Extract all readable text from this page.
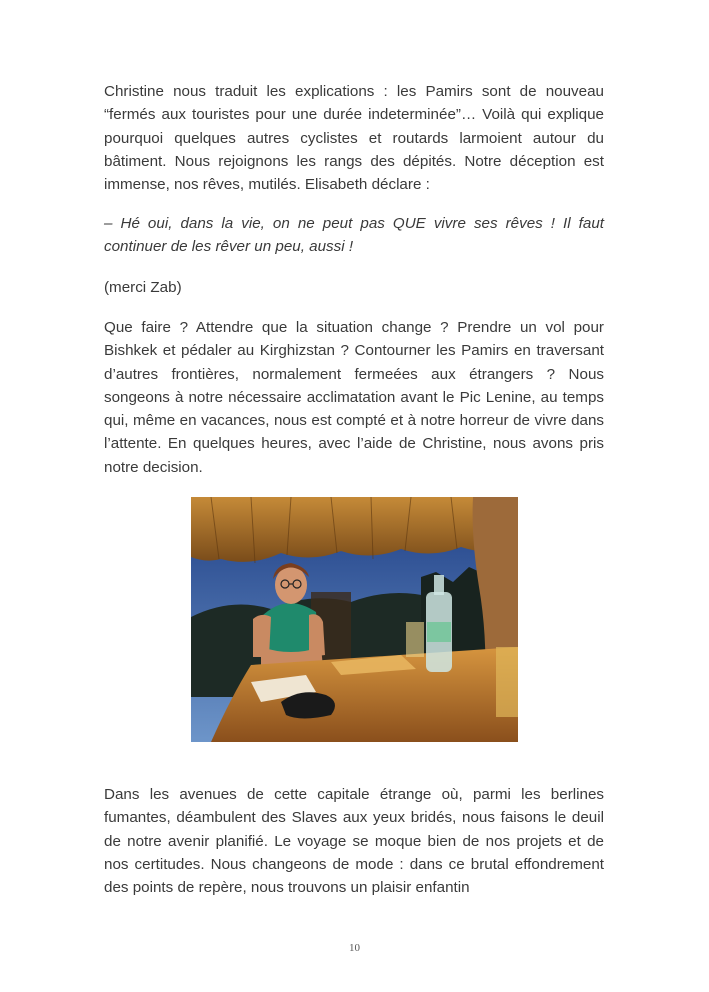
Christine nous traduit les explications : les Pamirs sont de nouveau “fermés aux touristes pour une durée indeterminée”… Voilà qui explique pourquoi quelques autres cyclistes et routards larmoient autour du bâtiment. Nous rejoignons les rangs des dépités. Notre déception est immense, nos rêves, mutilés. Elisabeth déclare :

– Hé oui, dans la vie, on ne peut pas QUE vivre ses rêves ! Il faut continuer de les rêver un peu, aussi !

(merci Zab)

Que faire ? Attendre que la situation change ? Prendre un vol pour Bishkek et pédaler au Kirghizstan ? Contourner les Pamirs en traversant d’autres frontières, normalement fermeées aux étrangers ? Nous songeons à notre nécessaire acclimatation avant le Pic Lenine, au temps qui, même en vacances, nous est compté et à notre horreur de vivre dans l’attente. En quelques heures, avec l’aide de Christine, nous avons pris notre decision.

Dans les avenues de cette capitale étrange où, parmi les berlines fumantes, déambulent des Slaves aux yeux bridés, nous faisons le deuil de notre avenir planifié. Le voyage se moque bien de nos projets et de nos certitudes. Nous changeons de mode : dans ce brutal effondrement des points de repère, nous trouvons un plaisir enfantin

10
